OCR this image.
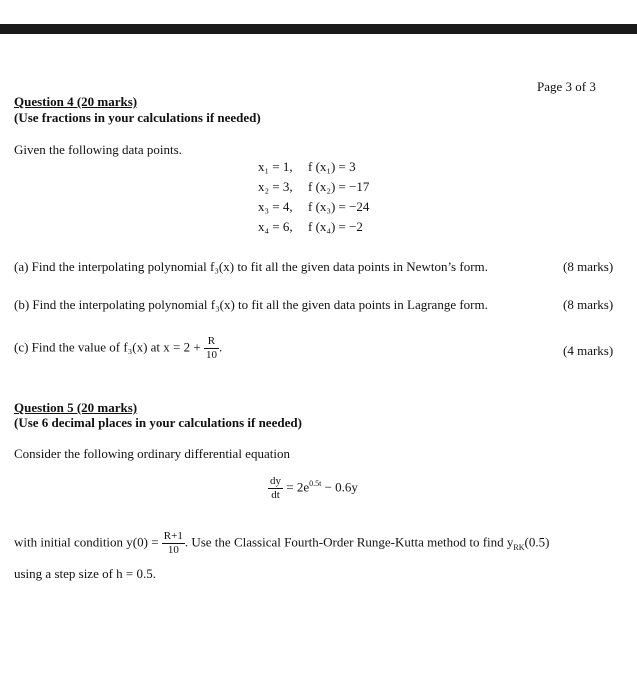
Page 3 of 3
Question 4 (20 marks)
(Use fractions in your calculations if needed)
Given the following data points.
x₁ = 1, f (x₁) = 3
x₂ = 3, f (x₂) = −17
x₃ = 4, f (x₃) = −24
x₄ = 6, f (x₄) = −2
(a) Find the interpolating polynomial f₃(x) to fit all the given data points in Newton’s form.	(8 marks)
(b) Find the interpolating polynomial f₃(x) to fit all the given data points in Lagrange form.	(8 marks)
(c) Find the value of f₃(x) at $x = 2 + \frac{R}{10}$ .	(4 marks)
Question 5 (20 marks)
(Use 6 decimal places in your calculations if needed)
Consider the following ordinary differential equation
$\frac{dy}{dt} = 2e^{0.5t} - 0.6y$
with initial condition $y(0) = \frac{R+1}{10}$ . Use the Classical Fourth-Order Runge-Kutta method to find $y_{RK}(0.5)$
using a step size of h = 0.5.
